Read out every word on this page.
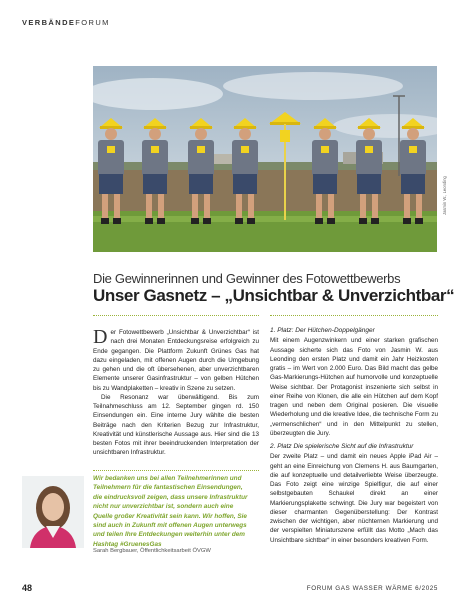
VERBÄNDEFORUM
Jasmin W., Leonding
Die Gewinnerinnen und Gewinner des Fotowettbewerbs
Unser Gasnetz – „Unsichtbar & Unverzichtbar“
D er Fotowettbewerb „Unsichtbar & Unverzichtbar“ ist nach drei Monaten Entdeckungsreise erfolgreich zu Ende gegangen. Die Plattform Zukunft Grünes Gas hat dazu eingeladen, mit offenen Augen durch die Umgebung zu gehen und die oft übersehenen, aber unverzichtbaren Elemente unserer Gasinfrastruktur – von gelben Hütchen bis zu Wandplaketten – kreativ in Szene zu setzen.

Die Resonanz war überwältigend. Bis zum Teilnahmeschluss am 12. September gingen rd. 150 Einsendungen ein. Eine interne Jury wählte die besten Beiträge nach den Kriterien Bezug zur Infrastruktur, Kreativität und künstlerische Aussage aus. Hier sind die 13 besten Fotos mit ihrer beeindruckenden Interpretation der unsichtbaren Infrastruktur.

Wir bedanken uns bei allen Teilnehmerinnen und Teilnehmern für die fantastischen Einsendungen, die eindrucksvoll zeigen, dass unsere Infrastruktur nicht nur unverzichtbar ist, sondern auch eine Quelle großer Kreativität sein kann. Wir hoffen, Sie sind auch in Zukunft mit offenen Augen unterwegs und teilen Ihre Entdeckungen weiterhin unter dem Hashtag #GruenesGas
Sarah Bergbauer, Öffentlichkeitsarbeit ÖVGW
1. Platz: Der Hütchen-Doppelgänger

Mit einem Augenzwinkern und einer starken grafischen Aussage sicherte sich das Foto von Jasmin W. aus Leonding den ersten Platz und damit ein Jahr Heizkosten gratis – im Wert von 2.000 Euro. Das Bild macht das gelbe Gas-Markierungs-Hütchen auf humorvolle und konzeptuelle Weise sichtbar. Der Protagonist inszenierte sich selbst in einer Reihe von Klonen, die alle ein Hütchen auf dem Kopf tragen und neben dem Original posieren. Die visuelle Wiederholung und die kreative Idee, die technische Form zu „vermenschlichen“ und in den Mittelpunkt zu stellen, überzeugten die Jury.

2. Platz Die spielerische Sicht auf die Infrastruktur

Der zweite Platz – und damit ein neues Apple iPad Air – geht an eine Einreichung von Clemens H. aus Baumgarten, die auf konzeptuelle und detailverliebte Weise überzeugte. Das Foto zeigt eine winzige Spielfigur, die auf einer selbstgebauten Schaukel direkt an einer Markierungsplakette schwingt. Die Jury war begeistert von dieser charmanten Gegenüberstellung: Der Kontrast zwischen der wichtigen, aber nüchternen Markierung und der verspielten Miniaturszene erfüllt das Motto „Mach das Unsichtbare sichtbar“ in einer besonders kreativen Form.

48	FORUM GAS WASSER WÄRME 6/2025
